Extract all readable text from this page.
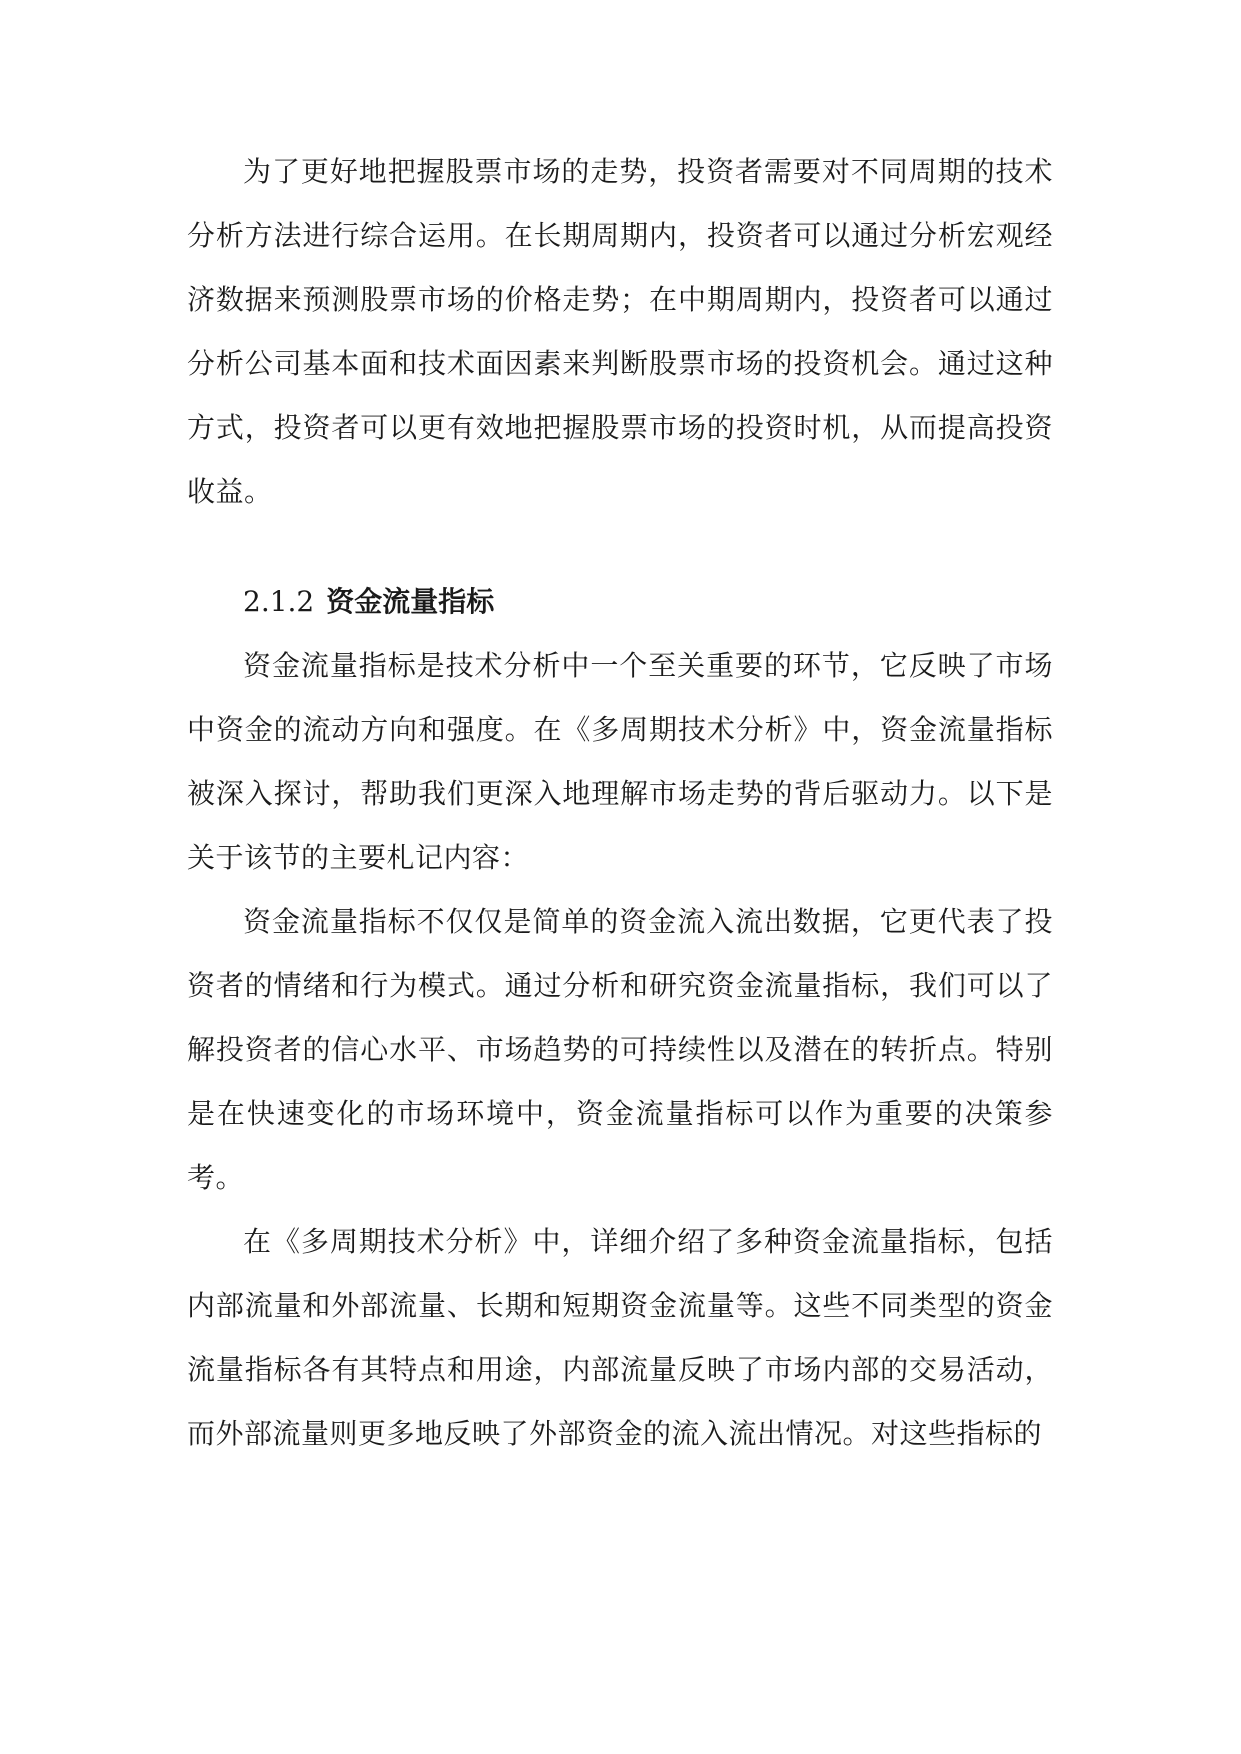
为了更好地把握股票市场的走势，投资者需要对不同周期的技术分析方法进行综合运用。在长期周期内，投资者可以通过分析宏观经济数据来预测股票市场的价格走势；在中期周期内，投资者可以通过分析公司基本面和技术面因素来判断股票市场的投资机会。通过这种方式，投资者可以更有效地把握股票市场的投资时机，从而提高投资收益。

2.1.2 资金流量指标

资金流量指标是技术分析中一个至关重要的环节，它反映了市场中资金的流动方向和强度。在《多周期技术分析》中，资金流量指标被深入探讨，帮助我们更深入地理解市场走势的背后驱动力。以下是关于该节的主要札记内容：

资金流量指标不仅仅是简单的资金流入流出数据，它更代表了投资者的情绪和行为模式。通过分析和研究资金流量指标，我们可以了解投资者的信心水平、市场趋势的可持续性以及潜在的转折点。特别是在快速变化的市场环境中，资金流量指标可以作为重要的决策参考。

在《多周期技术分析》中，详细介绍了多种资金流量指标，包括内部流量和外部流量、长期和短期资金流量等。这些不同类型的资金流量指标各有其特点和用途，内部流量反映了市场内部的交易活动，而外部流量则更多地反映了外部资金的流入流出情况。对这些指标的
